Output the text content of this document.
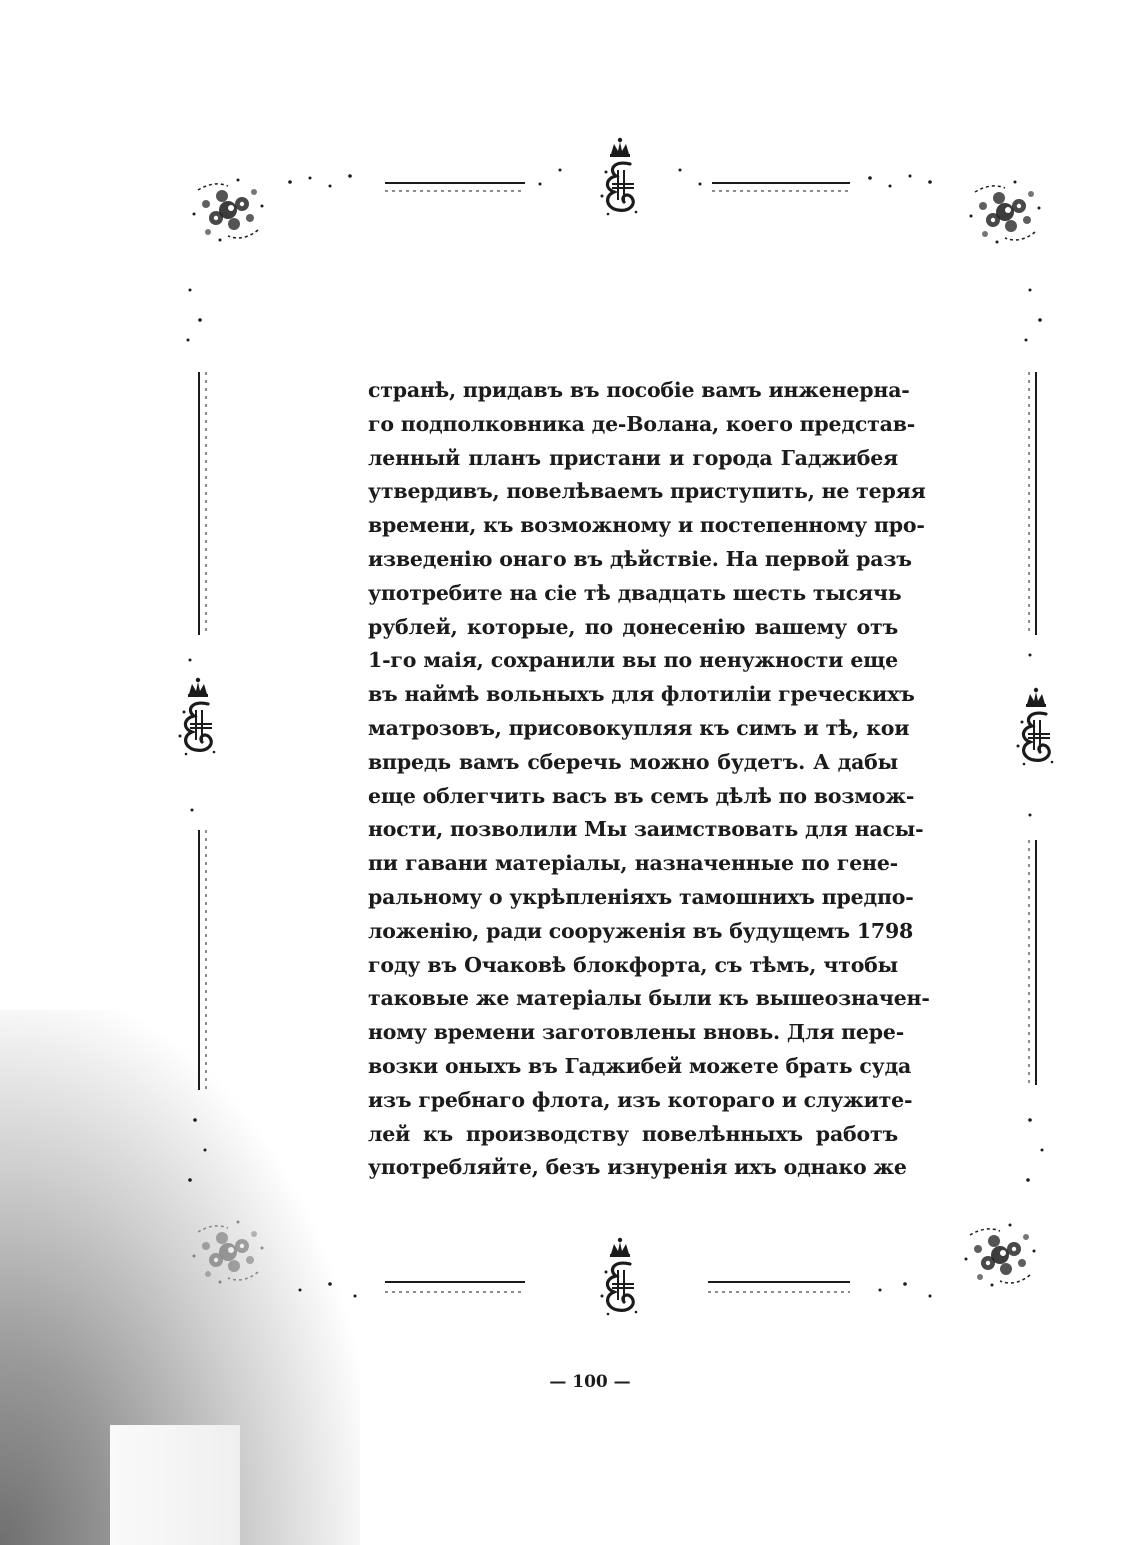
странѣ, придавъ въ пособіе вамъ инженерна-
го подполковника де-Волана, коего представ-
ленный планъ пристани и города Гаджибея
утвердивъ, повелѣваемъ приступить, не теряя
времени, къ возможному и постепенному про-
изведенію онаго въ дѣйствіе. На первой разъ
употребите на сіе тѣ двадцать шесть тысячь
рублей, которые, по донесенію вашему отъ
1-го маія, сохранили вы по ненужности еще
въ наймѣ вольныхъ для флотиліи греческихъ
матрозовъ, присовокупляя къ симъ и тѣ, кои
впредь вамъ сберечь можно будетъ. А дабы
еще облегчить васъ въ семъ дѣлѣ по возмож-
ности, позволили Мы заимствовать для насы-
пи гавани матеріалы, назначенные по гене-
ральному о укрѣпленіяхъ тамошнихъ предпо-
ложенію, ради сооруженія въ будущемъ 1798
году въ Очаковѣ блокфорта, съ тѣмъ, чтобы
таковые же матеріалы были къ вышеозначен-
ному времени заготовлены вновь. Для пере-
возки оныхъ въ Гаджибей можете брать суда
изъ гребнаго флота, изъ котораго и служите-
лей къ производству повелѣнныхъ работъ
употребляйте, безъ изнуренія ихъ однако же
— 100 —
